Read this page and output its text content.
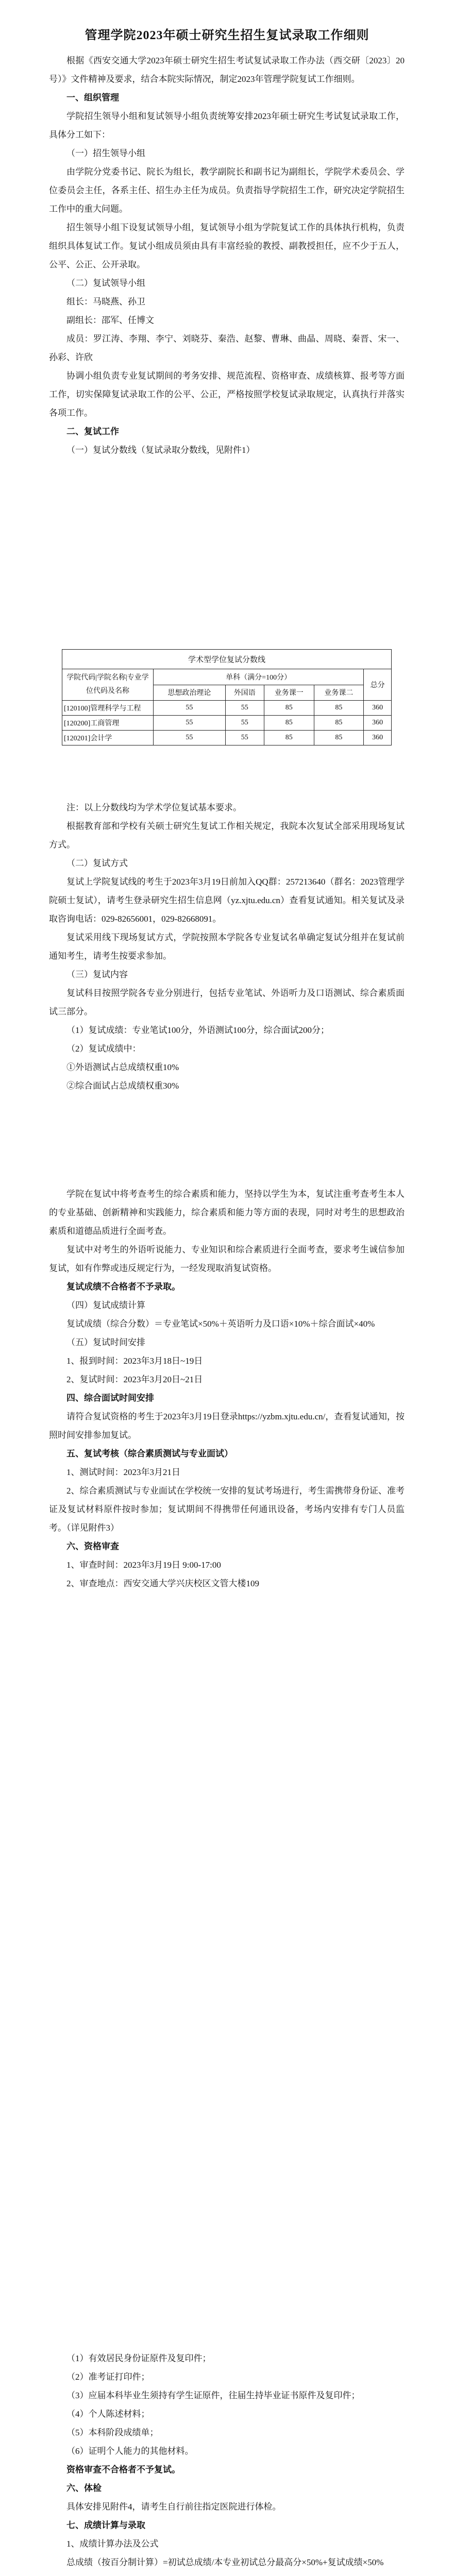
管理学院2023年硕士研究生招生复试录取工作细则

根据《西安交通大学2023年硕士研究生招生考试复试录取工作办法（西交研〔2023〕20号）》文件精神及要求，结合本院实际情况，制定2023年管理学院复试工作细则。

一、组织管理

学院招生领导小组和复试领导小组负责统筹安排2023年硕士研究生考试复试录取工作，具体分工如下：

（一）招生领导小组

由学院分党委书记、院长为组长，教学副院长和副书记为副组长，学院学术委员会、学位委员会主任，各系主任、招生办主任为成员。负责指导学院招生工作，研究决定学院招生工作中的重大问题。

招生领导小组下设复试领导小组，复试领导小组为学院复试工作的具体执行机构，负责组织具体复试工作。复试小组成员须由具有丰富经验的教授、副教授担任，应不少于五人，公平、公正、公开录取。

（二）复试领导小组

组长：马晓燕、孙卫

副组长：邵军、任博文

成员：罗江涛、李翔、李宁、刘晓芬、秦浩、赵黎、曹琳、曲晶、周晓、秦晋、宋一、孙彩、许欣

协调小组负责专业复试期间的考务安排、规范流程、资格审查、成绩核算、报考等方面工作，切实保障复试录取工作的公平、公正，严格按照学校复试录取规定，认真执行并落实各项工作。

二、复试工作

（一）复试分数线（复试录取分数线，见附件1）

学术型学位复试分数线					
学院代码|学院名称|专业学位代码及名称	单科（满分=100分）				总分
	思想政治理论	外国语	业务课一	业务课二	
[120100]管理科学与工程	55	55	85	85	360
[120200]工商管理	55	55	85	85	360
[120201]会计学	55	55	85	85	360

注：以上分数线均为学术学位复试基本要求。

根据教育部和学校有关硕士研究生复试工作相关规定，我院本次复试全部采用现场复试方式。

（二）复试方式

复试上学院复试线的考生于2023年3月19日前加入QQ群：257213640（群名：2023管理学院硕士复试），请考生登录研究生招生信息网（yz.xjtu.edu.cn）查看复试通知。相关复试及录取咨询电话：029-82656001，029-82668091。

复试采用线下现场复试方式，学院按照本学院各专业复试名单确定复试分组并在复试前通知考生，请考生按要求参加。

（三）复试内容

复试科目按照学院各专业分别进行，包括专业笔试、外语听力及口语测试、综合素质面试三部分。

（1）复试成绩：专业笔试100分，外语测试100分，综合面试200分；

（2）复试成绩中：

①外语测试占总成绩权重10%

②综合面试占总成绩权重30%

学院在复试中将考查考生的综合素质和能力，坚持以学生为本，复试注重考查考生本人的专业基础、创新精神和实践能力，综合素质和能力等方面的表现，同时对考生的思想政治素质和道德品质进行全面考查。

复试中对考生的外语听说能力、专业知识和综合素质进行全面考查，要求考生诚信参加复试，如有作弊或违反规定行为，一经发现取消复试资格。

复试成绩不合格者不予录取。

（四）复试成绩计算

复试成绩（综合分数）＝专业笔试×50%＋英语听力及口语×10%＋综合面试×40%

（五）复试时间安排

1、报到时间：2023年3月18日~19日

2、复试时间：2023年3月20日~21日

四、综合面试时间安排

请符合复试资格的考生于2023年3月19日登录https://yzbm.xjtu.edu.cn/，查看复试通知，按照时间安排参加复试。

五、复试考核（综合素质测试与专业面试）

1、测试时间：2023年3月21日

2、综合素质测试与专业面试在学校统一安排的复试考场进行，考生需携带身份证、准考证及复试材料原件按时参加；复试期间不得携带任何通讯设备，考场内安排有专门人员监考。（详见附件3）

六、资格审查

1、审查时间：2023年3月19日 9:00-17:00

2、审查地点：西安交通大学兴庆校区文管大楼109

（1）有效居民身份证原件及复印件；

（2）准考证打印件；

（3）应届本科毕业生须持有学生证原件，往届生持毕业证书原件及复印件；

（4）个人陈述材料；

（5）本科阶段成绩单；

（6）证明个人能力的其他材料。

资格审查不合格者不予复试。

六、体检

具体安排见附件4，请考生自行前往指定医院进行体检。

七、成绩计算与录取

1、成绩计算办法及公式

总成绩（按百分制计算）=初试总成绩/本专业初试总分最高分×50%+复试成绩×50%
